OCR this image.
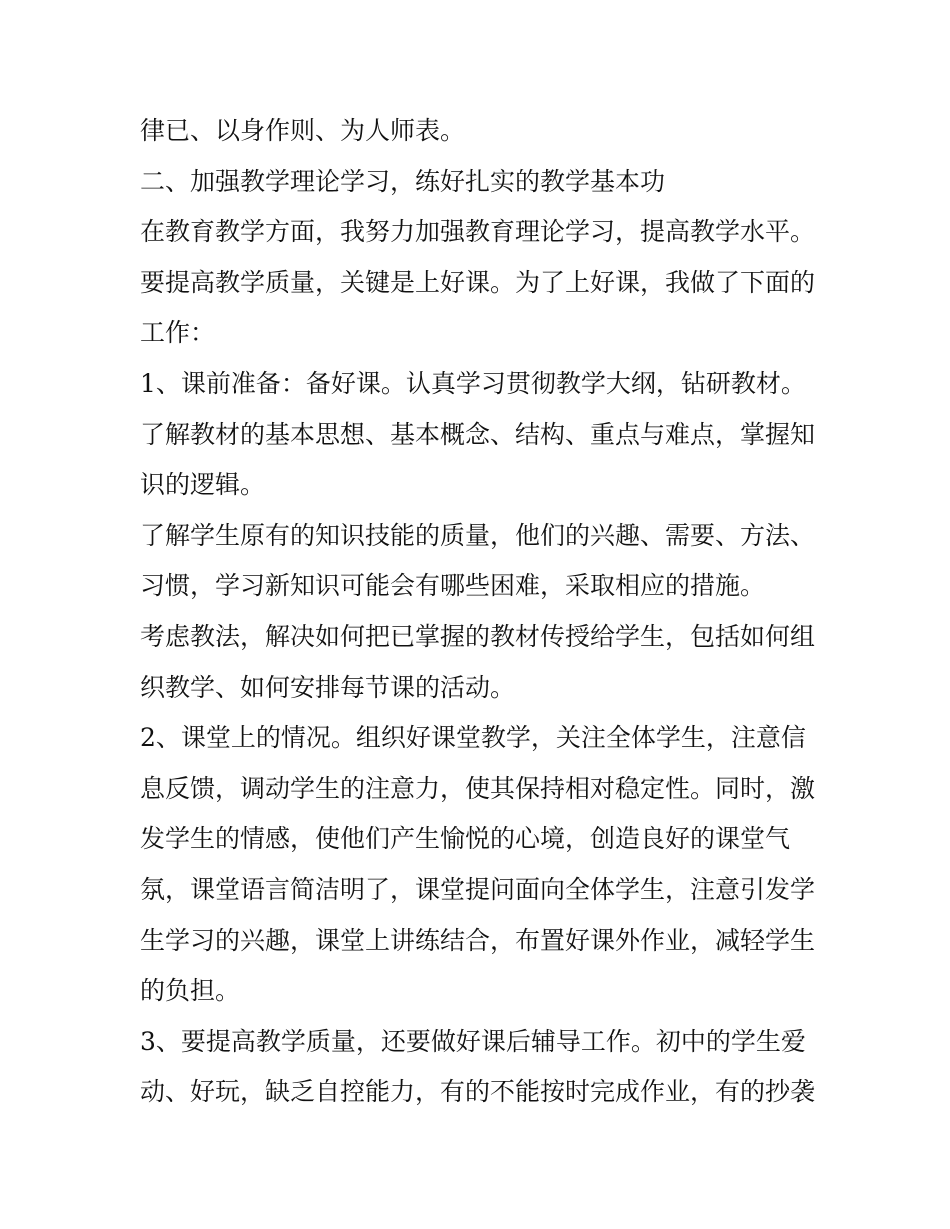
律已、以身作则、为人师表。

二、加强教学理论学习，练好扎实的教学基本功

在教育教学方面，我努力加强教育理论学习，提高教学水平。

要提高教学质量，关键是上好课。为了上好课，我做了下面的
工作：

1、课前准备：备好课。认真学习贯彻教学大纲，钻研教材。

了解教材的基本思想、基本概念、结构、重点与难点，掌握知
识的逻辑。

了解学生原有的知识技能的质量，他们的兴趣、需要、方法、
习惯，学习新知识可能会有哪些困难，采取相应的措施。

考虑教法，解决如何把已掌握的教材传授给学生，包括如何组
织教学、如何安排每节课的活动。

2、课堂上的情况。组织好课堂教学，关注全体学生，注意信
息反馈，调动学生的注意力，使其保持相对稳定性。同时，激
发学生的情感，使他们产生愉悦的心境，创造良好的课堂气
氛，课堂语言简洁明了，课堂提问面向全体学生，注意引发学
生学习的兴趣，课堂上讲练结合，布置好课外作业，减轻学生
的负担。

3、要提高教学质量，还要做好课后辅导工作。初中的学生爱
动、好玩，缺乏自控能力，有的不能按时完成作业，有的抄袭
